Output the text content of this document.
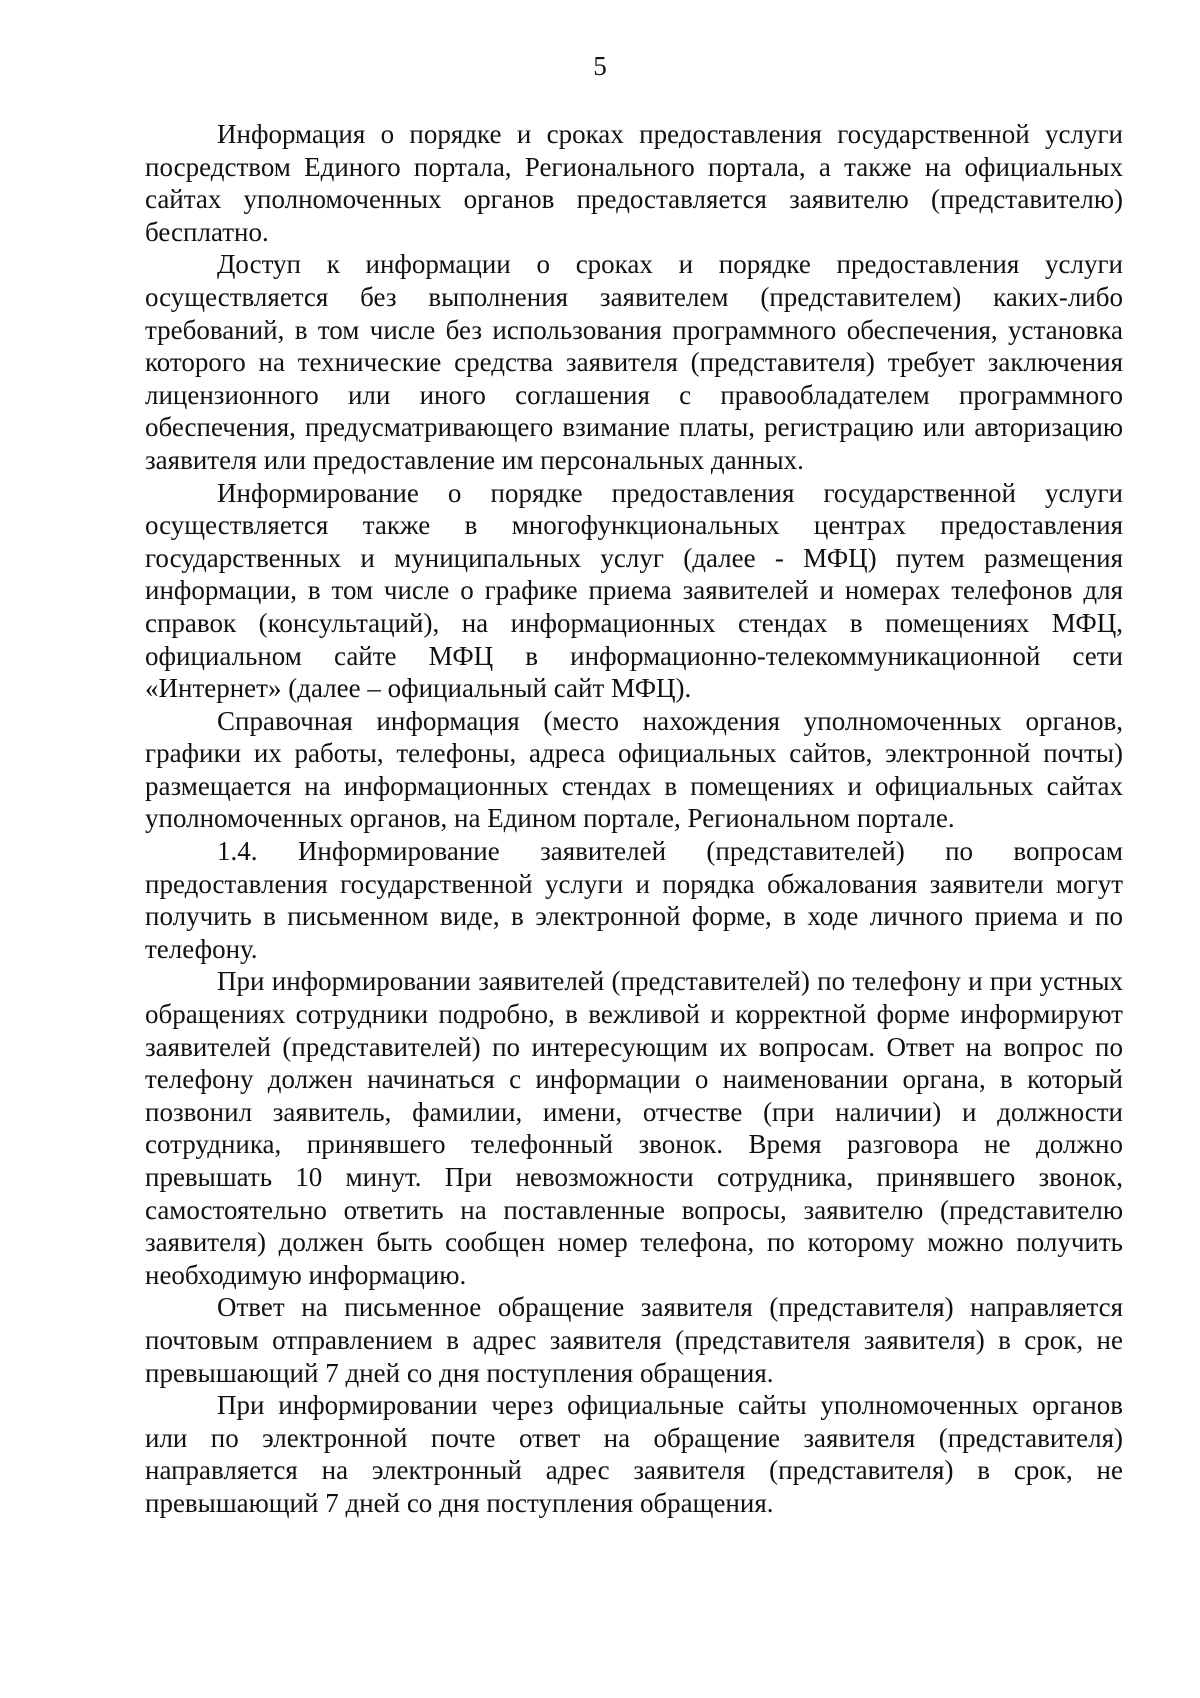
5

Информация о порядке и сроках предоставления государственной услуги посредством Единого портала, Регионального портала, а также на официальных сайтах уполномоченных органов предоставляется заявителю (представителю) бесплатно.

Доступ к информации о сроках и порядке предоставления услуги осуществляется без выполнения заявителем (представителем) каких-либо требований, в том числе без использования программного обеспечения, установка которого на технические средства заявителя (представителя) требует заключения лицензионного или иного соглашения с правообладателем программного обеспечения, предусматривающего взимание платы, регистрацию или авторизацию заявителя или предоставление им персональных данных.

Информирование о порядке предоставления государственной услуги осуществляется также в многофункциональных центрах предоставления государственных и муниципальных услуг (далее - МФЦ) путем размещения информации, в том числе о графике приема заявителей и номерах телефонов для справок (консультаций), на информационных стендах в помещениях МФЦ, официальном сайте МФЦ в информационно-телекоммуникационной сети «Интернет» (далее – официальный сайт МФЦ).

Справочная информация (место нахождения уполномоченных органов, графики их работы, телефоны, адреса официальных сайтов, электронной почты) размещается на информационных стендах в помещениях и официальных сайтах уполномоченных органов, на Едином портале, Региональном портале.

1.4. Информирование заявителей (представителей) по вопросам предоставления государственной услуги и порядка обжалования заявители могут получить в письменном виде, в электронной форме, в ходе личного приема и по телефону.

При информировании заявителей (представителей) по телефону и при устных обращениях сотрудники подробно, в вежливой и корректной форме информируют заявителей (представителей) по интересующим их вопросам. Ответ на вопрос по телефону должен начинаться с информации о наименовании органа, в который позвонил заявитель, фамилии, имени, отчестве (при наличии) и должности сотрудника, принявшего телефонный звонок. Время разговора не должно превышать 10 минут. При невозможности сотрудника, принявшего звонок, самостоятельно ответить на поставленные вопросы, заявителю (представителю заявителя) должен быть сообщен номер телефона, по которому можно получить необходимую информацию.

Ответ на письменное обращение заявителя (представителя) направляется почтовым отправлением в адрес заявителя (представителя заявителя) в срок, не превышающий 7 дней со дня поступления обращения.

При информировании через официальные сайты уполномоченных органов или по электронной почте ответ на обращение заявителя (представителя) направляется на электронный адрес заявителя (представителя) в срок, не превышающий 7 дней со дня поступления обращения.
